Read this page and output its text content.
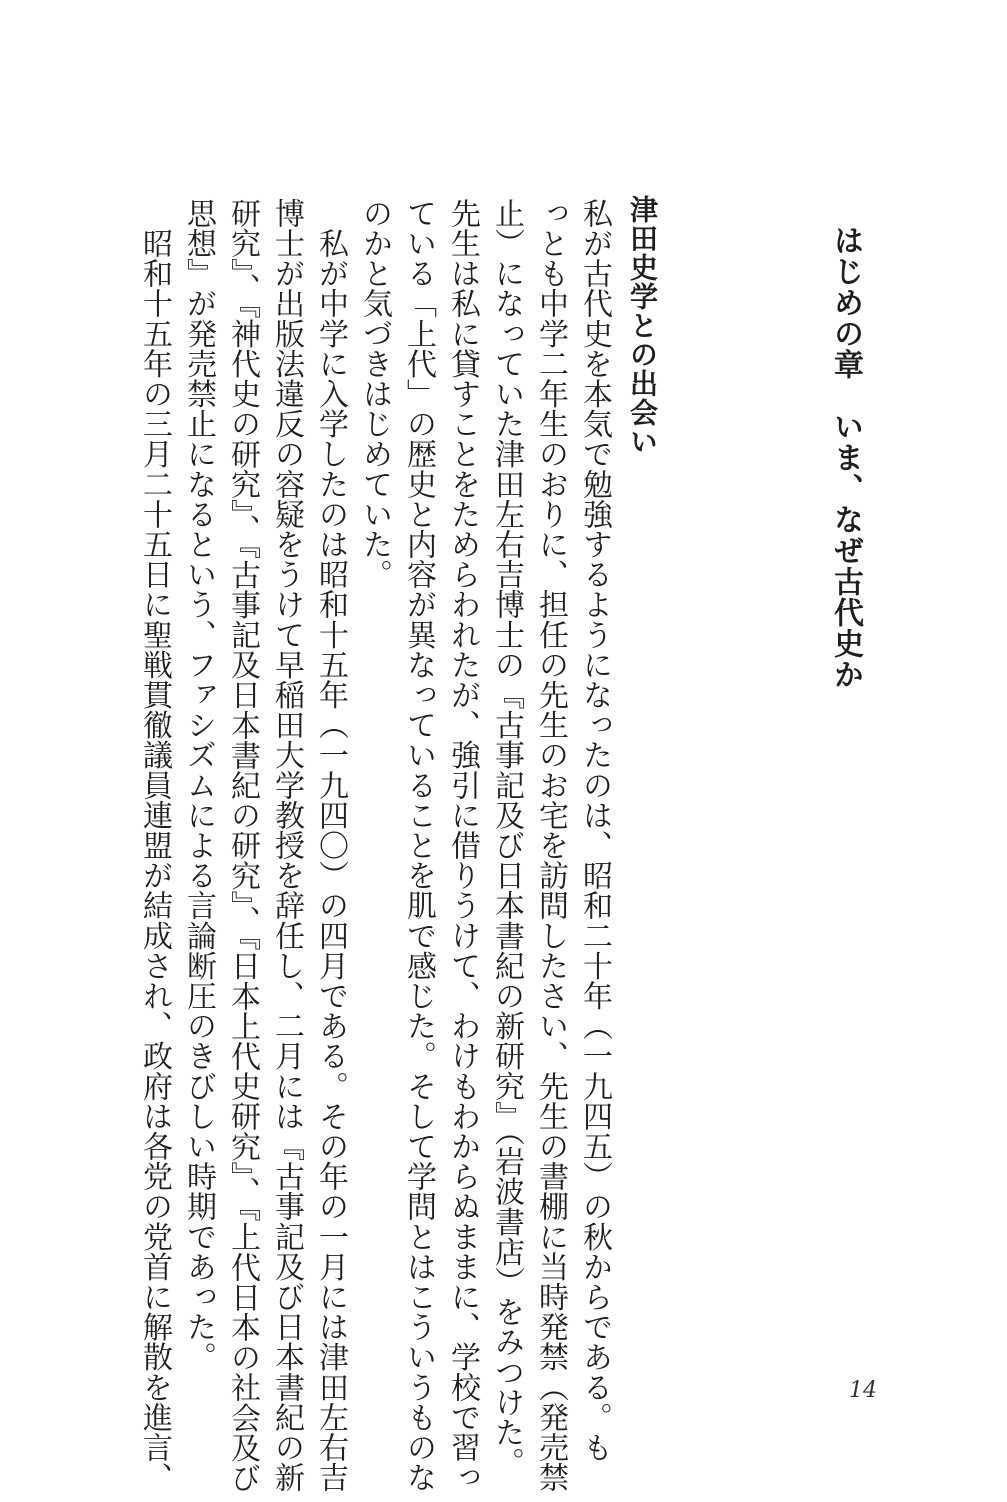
はじめの章　いま、なぜ古代史か
津田史学との出会い
私が古代史を本気で勉強するようになったのは、昭和二十年（一九四五）の秋からである。も
っとも中学二年生のおりに、担任の先生のお宅を訪問したさい、先生の書棚に当時発禁（発売禁
止）になっていた津田左右吉博士の『古事記及び日本書紀の新研究』（岩波書店）をみつけた。
先生は私に貸すことをためらわれたが、強引に借りうけて、わけもわからぬままに、学校で習っ
ている「上代」の歴史と内容が異なっていることを肌で感じた。そして学問とはこういうものな
のかと気づきはじめていた。
　私が中学に入学したのは昭和十五年（一九四〇）の四月である。その年の一月には津田左右吉
博士が出版法違反の容疑をうけて早稲田大学教授を辞任し、二月には『古事記及び日本書紀の新
研究』、『神代史の研究』、『古事記及日本書紀の研究』、『日本上代史研究』、『上代日本の社会及び
思想』が発売禁止になるという、ファシズムによる言論断圧のきびしい時期であった。
　昭和十五年の三月二十五日に聖戦貫徹議員連盟が結成され、政府は各党の党首に解散を進言、	14
